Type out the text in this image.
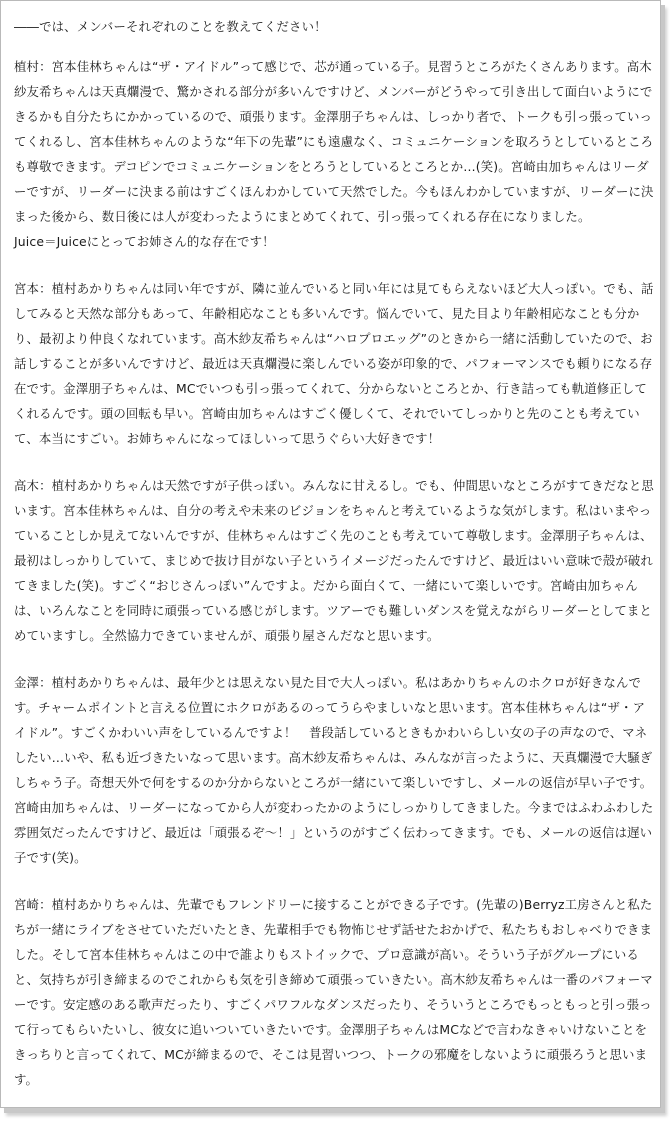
――では、メンバーそれぞれのことを教えてください！

植村：宮本佳林ちゃんは“ザ・アイドル”って感じで、芯が通っている子。見習うところがたくさんあります。高木紗友希ちゃんは天真爛漫で、驚かされる部分が多いんですけど、メンバーがどうやって引き出して面白いようにできるかも自分たちにかかっているので、頑張ります。金澤朋子ちゃんは、しっかり者で、トークも引っ張っていってくれるし、宮本佳林ちゃんのような“年下の先輩”にも遠慮なく、コミュニケーションを取ろうとしているところも尊敬できます。デコピンでコミュニケーションをとろうとしているところとか…(笑)。宮崎由加ちゃんはリーダーですが、リーダーに決まる前はすごくほんわかしていて天然でした。今もほんわかしていますが、リーダーに決まった後から、数日後には人が変わったようにまとめてくれて、引っ張ってくれる存在になりました。
Juice＝Juiceにとってお姉さん的な存在です！

宮本：植村あかりちゃんは同い年ですが、隣に並んでいると同い年には見てもらえないほど大人っぽい。でも、話してみると天然な部分もあって、年齢相応なことも多いんです。悩んでいて、見た目より年齢相応なことも分かり、最初より仲良くなれています。高木紗友希ちゃんは“ハロプロエッグ”のときから一緒に活動していたので、お話しすることが多いんですけど、最近は天真爛漫に楽しんでいる姿が印象的で、パフォーマンスでも頼りになる存在です。金澤朋子ちゃんは、MCでいつも引っ張ってくれて、分からないところとか、行き詰っても軌道修正してくれるんです。頭の回転も早い。宮崎由加ちゃんはすごく優しくて、それでいてしっかりと先のことも考えていて、本当にすごい。お姉ちゃんになってほしいって思うぐらい大好きです！

高木：植村あかりちゃんは天然ですが子供っぽい。みんなに甘えるし。でも、仲間思いなところがすてきだなと思います。宮本佳林ちゃんは、自分の考えや未来のビジョンをちゃんと考えているような気がします。私はいまやっていることしか見えてないんですが、佳林ちゃんはすごく先のことも考えていて尊敬します。金澤朋子ちゃんは、最初はしっかりしていて、まじめで抜け目がない子というイメージだったんですけど、最近はいい意味で殻が破れてきました(笑)。すごく“おじさんっぽい”んですよ。だから面白くて、一緒にいて楽しいです。宮崎由加ちゃんは、いろんなことを同時に頑張っている感じがします。ツアーでも難しいダンスを覚えながらリーダーとしてまとめていますし。全然協力できていませんが、頑張り屋さんだなと思います。

金澤：植村あかりちゃんは、最年少とは思えない見た目で大人っぽい。私はあかりちゃんのホクロが好きなんです。チャームポイントと言える位置にホクロがあるのってうらやましいなと思います。宮本佳林ちゃんは“ザ・アイドル”。すごくかわいい声をしているんですよ！　普段話しているときもかわいらしい女の子の声なので、マネしたい…いや、私も近づきたいなって思います。高木紗友希ちゃんは、みんなが言ったように、天真爛漫で大騒ぎしちゃう子。奇想天外で何をするのか分からないところが一緒にいて楽しいですし、メールの返信が早い子です。宮崎由加ちゃんは、リーダーになってから人が変わったかのようにしっかりしてきました。今まではふわふわした雰囲気だったんですけど、最近は「頑張るぞ～！」というのがすごく伝わってきます。でも、メールの返信は遅い子です(笑)。

宮崎：植村あかりちゃんは、先輩でもフレンドリーに接することができる子です。(先輩の)Berryz工房さんと私たちが一緒にライブをさせていただいたとき、先輩相手でも物怖じせず話せたおかげで、私たちもおしゃべりできました。そして宮本佳林ちゃんはこの中で誰よりもストイックで、プロ意識が高い。そういう子がグループにいると、気持ちが引き締まるのでこれからも気を引き締めて頑張っていきたい。高木紗友希ちゃんは一番のパフォーマーです。安定感のある歌声だったり、すごくパワフルなダンスだったり、そういうところでもっともっと引っ張って行ってもらいたいし、彼女に追いついていきたいです。金澤朋子ちゃんはMCなどで言わなきゃいけないことをきっちりと言ってくれて、MCが締まるので、そこは見習いつつ、トークの邪魔をしないように頑張ろうと思います。
